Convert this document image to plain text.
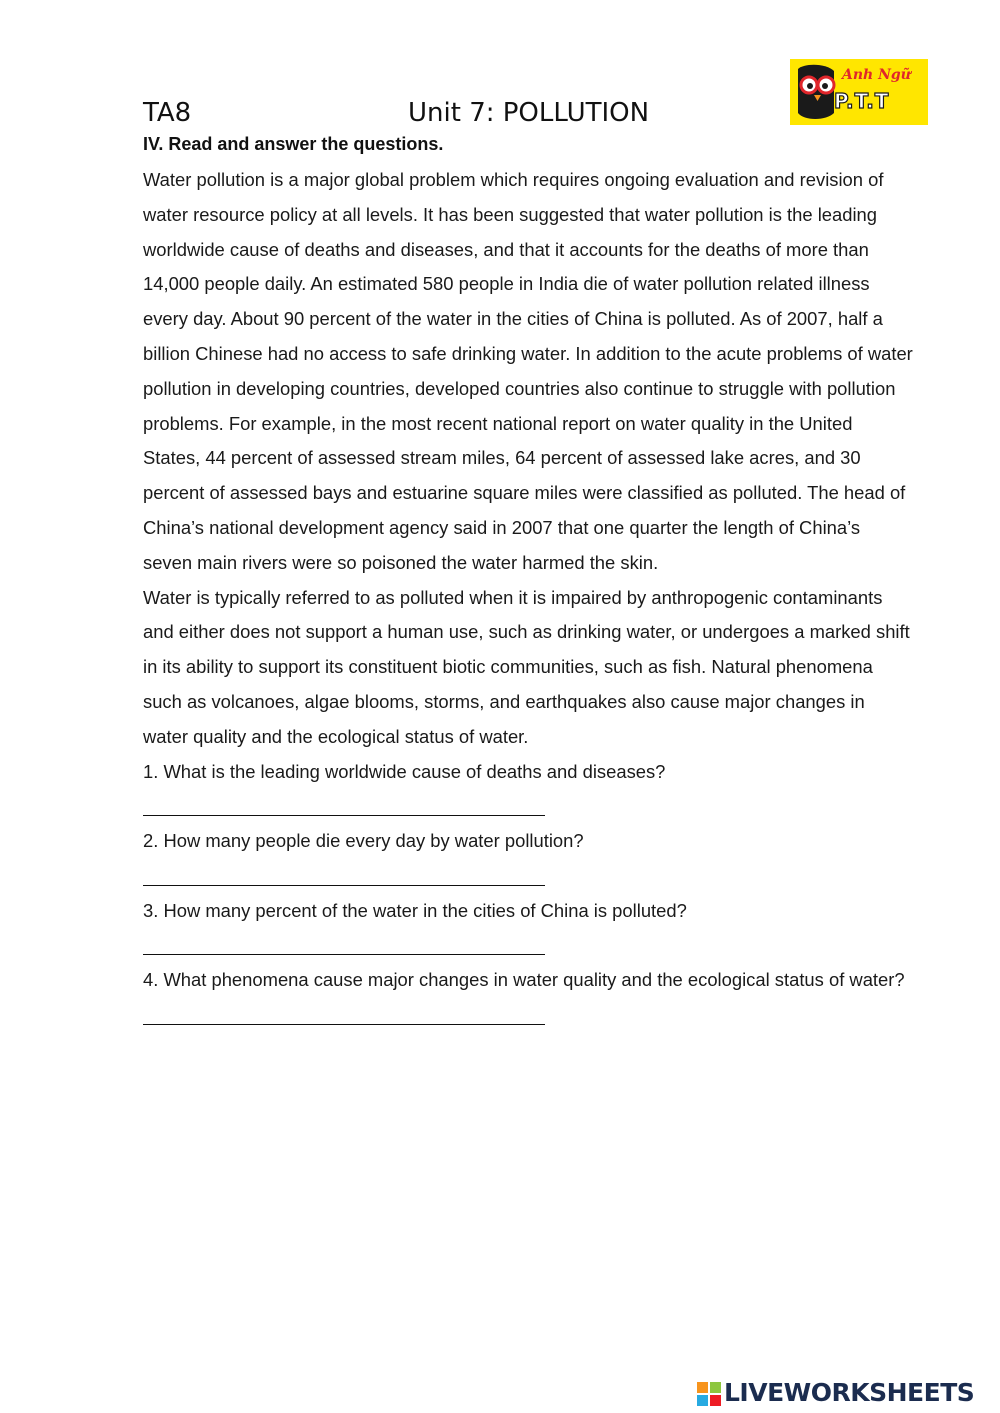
TA8	Unit 7: POLLUTION
Anh Ngữ
P.T.T
IV. Read and answer the questions.

Water pollution is a major global problem which requires ongoing evaluation and revision of water resource policy at all levels. It has been suggested that water pollution is the leading worldwide cause of deaths and diseases, and that it accounts for the deaths of more than 14,000 people daily. An estimated 580 people in India die of water pollution related illness every day. About 90 percent of the water in the cities of China is polluted. As of 2007, half a billion Chinese had no access to safe drinking water. In addition to the acute problems of water pollution in developing countries, developed countries also continue to struggle with pollution problems. For example, in the most recent national report on water quality in the United States, 44 percent of assessed stream miles, 64 percent of assessed lake acres, and 30 percent of assessed bays and estuarine square miles were classified as polluted. The head of China’s national development agency said in 2007 that one quarter the length of China’s seven main rivers were so poisoned the water harmed the skin.

Water is typically referred to as polluted when it is impaired by anthropogenic contaminants and either does not support a human use, such as drinking water, or undergoes a marked shift in its ability to support its constituent biotic communities, such as fish. Natural phenomena such as volcanoes, algae blooms, storms, and earthquakes also cause major changes in water quality and the ecological status of water.

1. What is the leading worldwide cause of deaths and diseases?

2. How many people die every day by water pollution?

3. How many percent of the water in the cities of China is polluted?

4. What phenomena cause major changes in water quality and the ecological status of water?

LIVEWORKSHEETS
